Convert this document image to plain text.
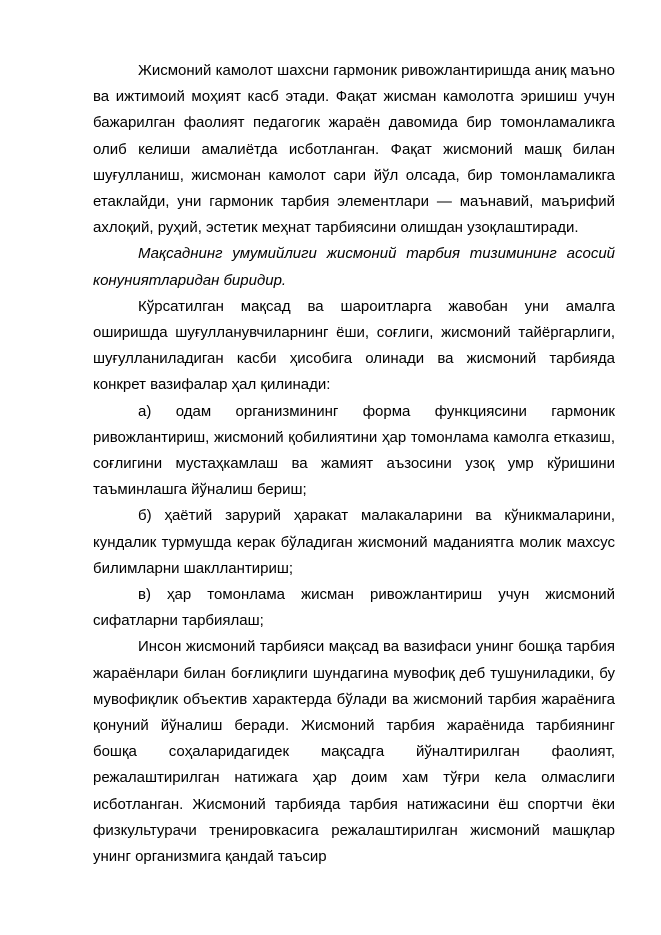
Жисмоний камолот шахсни гармоник ривожлантиришда аниқ маъно ва ижтимоий моҳият касб этади. Фақат жисман камолотга эришиш учун бажарилган фаолият педагогик жараён давомида бир томонламаликга олиб келиши амалиётда исботланган. Фақат жисмоний машқ билан шуғулланиш, жисмонан камолот сари йўл олсада, бир томонламаликга етаклайди, уни гармоник тарбия элементлари — маънавий, маърифий ахлоқий, руҳий, эстетик меҳнат тарбиясини олишдан узоқлаштиради.

Мақсаднинг умумийлиги жисмоний тарбия тизимининг асосий конуниятларидан биридир.

Кўрсатилган мақсад ва шароитларга жавобан уни амалга оширишда шуғулланувчиларнинг ёши, соғлиги, жисмоний тайёргарлиги, шуғулланиладиган касби ҳисобига олинади ва жисмоний тарбияда конкрет вазифалар ҳал қилинади:

а) одам организмининг форма функциясини гармоник ривожлантириш, жисмоний қобилиятини ҳар томонлама камолга етказиш, соғлигини мустаҳкамлаш ва жамият аъзосини узоқ умр кўришини таъминлашга йўналиш бериш;

б) ҳаётий зарурий ҳаракат малакаларини ва кўникмаларини, кундалик турмушда керак бўладиган жисмоний маданиятга молик махсус билимларни шакллантириш;

в) ҳар томонлама жисман ривожлантириш учун жисмоний сифатларни тарбиялаш;

Инсон жисмоний тарбияси мақсад ва вазифаси унинг бошқа тарбия жараёнлари билан боғлиқлиги шундагина мувофиқ деб тушуниладики, бу мувофиқлик объектив характерда бўлади ва жисмоний тарбия жараёнига қонуний йўналиш беради. Жисмоний тарбия жараёнида тарбиянинг бошқа соҳаларидагидек мақсадга йўналтирилган фаолият, режалаштирилган натижага ҳар доим хам тўғри кела олмаслиги исботланган. Жисмоний тарбияда тарбия натижасини ёш спортчи ёки физкультурачи тренировкасига режалаштирилган жисмоний машқлар унинг организмига қандай таъсир
